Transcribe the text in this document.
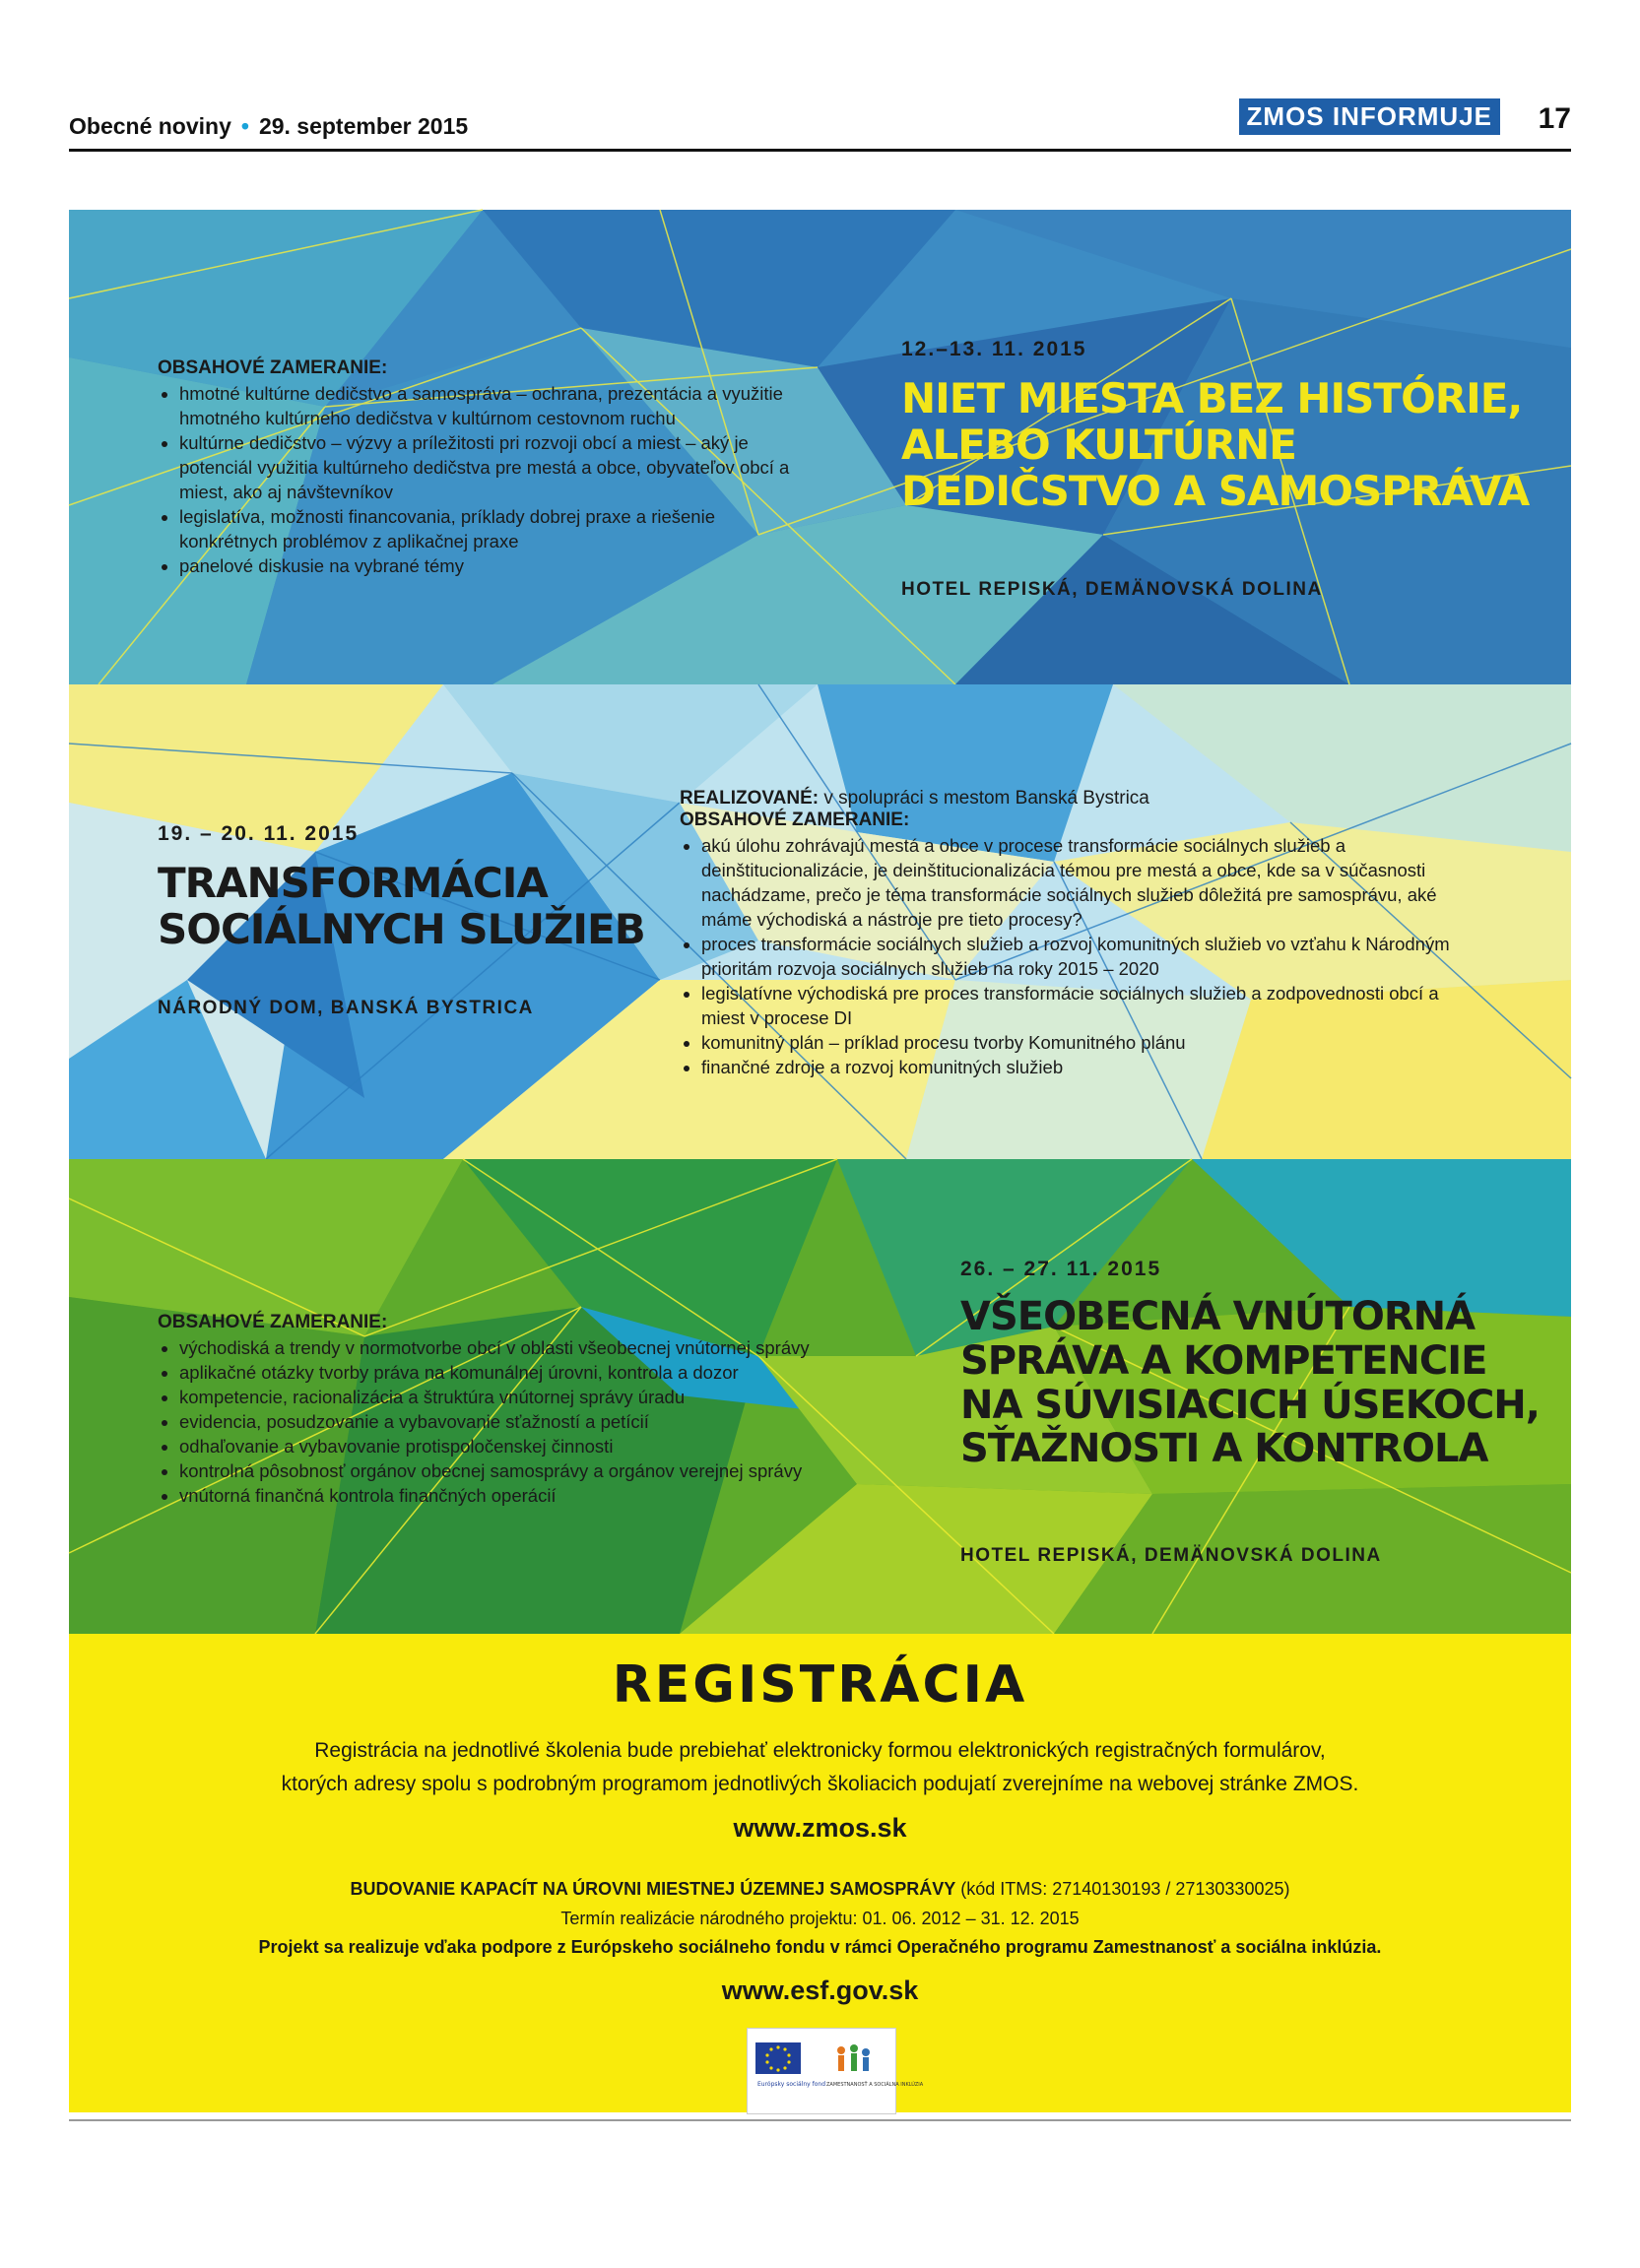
Obecné noviny • 29. september 2015	ZMOS INFORMUJE 17
OBSAHOVÉ ZAMERANIE:
• hmotné kultúrne dedičstvo a samospráva – ochrana, prezentácia a využitie hmotného kultúrneho dedičstva v kultúrnom cestovnom ruchu
• kultúrne dedičstvo – výzvy a príležitosti pri rozvoji obcí a miest – aký je potenciál využitia kultúrneho dedičstva pre mestá a obce, obyvateľov obcí a miest, ako aj návštevníkov
• legislatíva, možnosti financovania, príklady dobrej praxe a riešenie konkrétnych problémov z aplikačnej praxe
• panelové diskusie na vybrané témy
12.–13. 11. 2015
NIET MIESTA BEZ HISTÓRIE,
ALEBO KULTÚRNE
DEDIČSTVO A SAMOSPRÁVA
HOTEL REPISKÁ, DEMÄNOVSKÁ DOLINA
19. – 20. 11. 2015
TRANSFORMÁCIA
SOCIÁLNYCH SLUŽIEB
NÁRODNÝ DOM, BANSKÁ BYSTRICA
REALIZOVANÉ: v spolupráci s mestom Banská Bystrica
OBSAHOVÉ ZAMERANIE:
• akú úlohu zohrávajú mestá a obce v procese transformácie sociálnych služieb a deinštitucionalizácie, je deinštitucionalizácia témou pre mestá a obce, kde sa v súčasnosti nachádzame, prečo je téma transformácie sociálnych služieb dôležitá pre samosprávu, aké máme východiská a nástroje pre tieto procesy?
• proces transformácie sociálnych služieb a rozvoj komunitných služieb vo vzťahu k Národným prioritám rozvoja sociálnych služieb na roky 2015 – 2020
• legislatívne východiská pre proces transformácie sociálnych služieb a zodpovednosti obcí a miest v procese DI
• komunitný plán – príklad procesu tvorby Komunitného plánu
• finančné zdroje a rozvoj komunitných služieb
OBSAHOVÉ ZAMERANIE:
• východiská a trendy v normotvorbe obcí v oblasti všeobecnej vnútornej správy
• aplikačné otázky tvorby práva na komunálnej úrovni, kontrola a dozor
• kompetencie, racionalizácia a štruktúra vnútornej správy úradu
• evidencia, posudzovanie a vybavovanie sťažností a petícií
• odhaľovanie a vybavovanie protispoločenskej činnosti
• kontrolná pôsobnosť orgánov obecnej samosprávy a orgánov verejnej správy
• vnútorná finančná kontrola finančných operácií
26. – 27. 11. 2015
VŠEOBECNÁ VNÚTORNÁ
SPRÁVA A KOMPETENCIE
NA SÚVISIACICH ÚSEKOCH,
SŤAŽNOSTI A KONTROLA
HOTEL REPISKÁ, DEMÄNOVSKÁ DOLINA
REGISTRÁCIA
Registrácia na jednotlivé školenia bude prebiehať elektronicky formou elektronických registračných formulárov,
ktorých adresy spolu s podrobným programom jednotlivých školiacich podujatí zverejníme na webovej stránke ZMOS.
www.zmos.sk
BUDOVANIE KAPACÍT NA ÚROVNI MIESTNEJ ÚZEMNEJ SAMOSPRÁVY (kód ITMS: 27140130193 / 27130330025)
Termín realizácie národného projektu: 01. 06. 2012 – 31. 12. 2015
Projekt sa realizuje vďaka podpore z Európskeho sociálneho fondu v rámci Operačného programu Zamestnanosť a sociálna inklúzia.
www.esf.gov.sk
Európsky sociálny fond ZAMESTNANOSŤ A SOCIÁLNA INKLÚZIA
